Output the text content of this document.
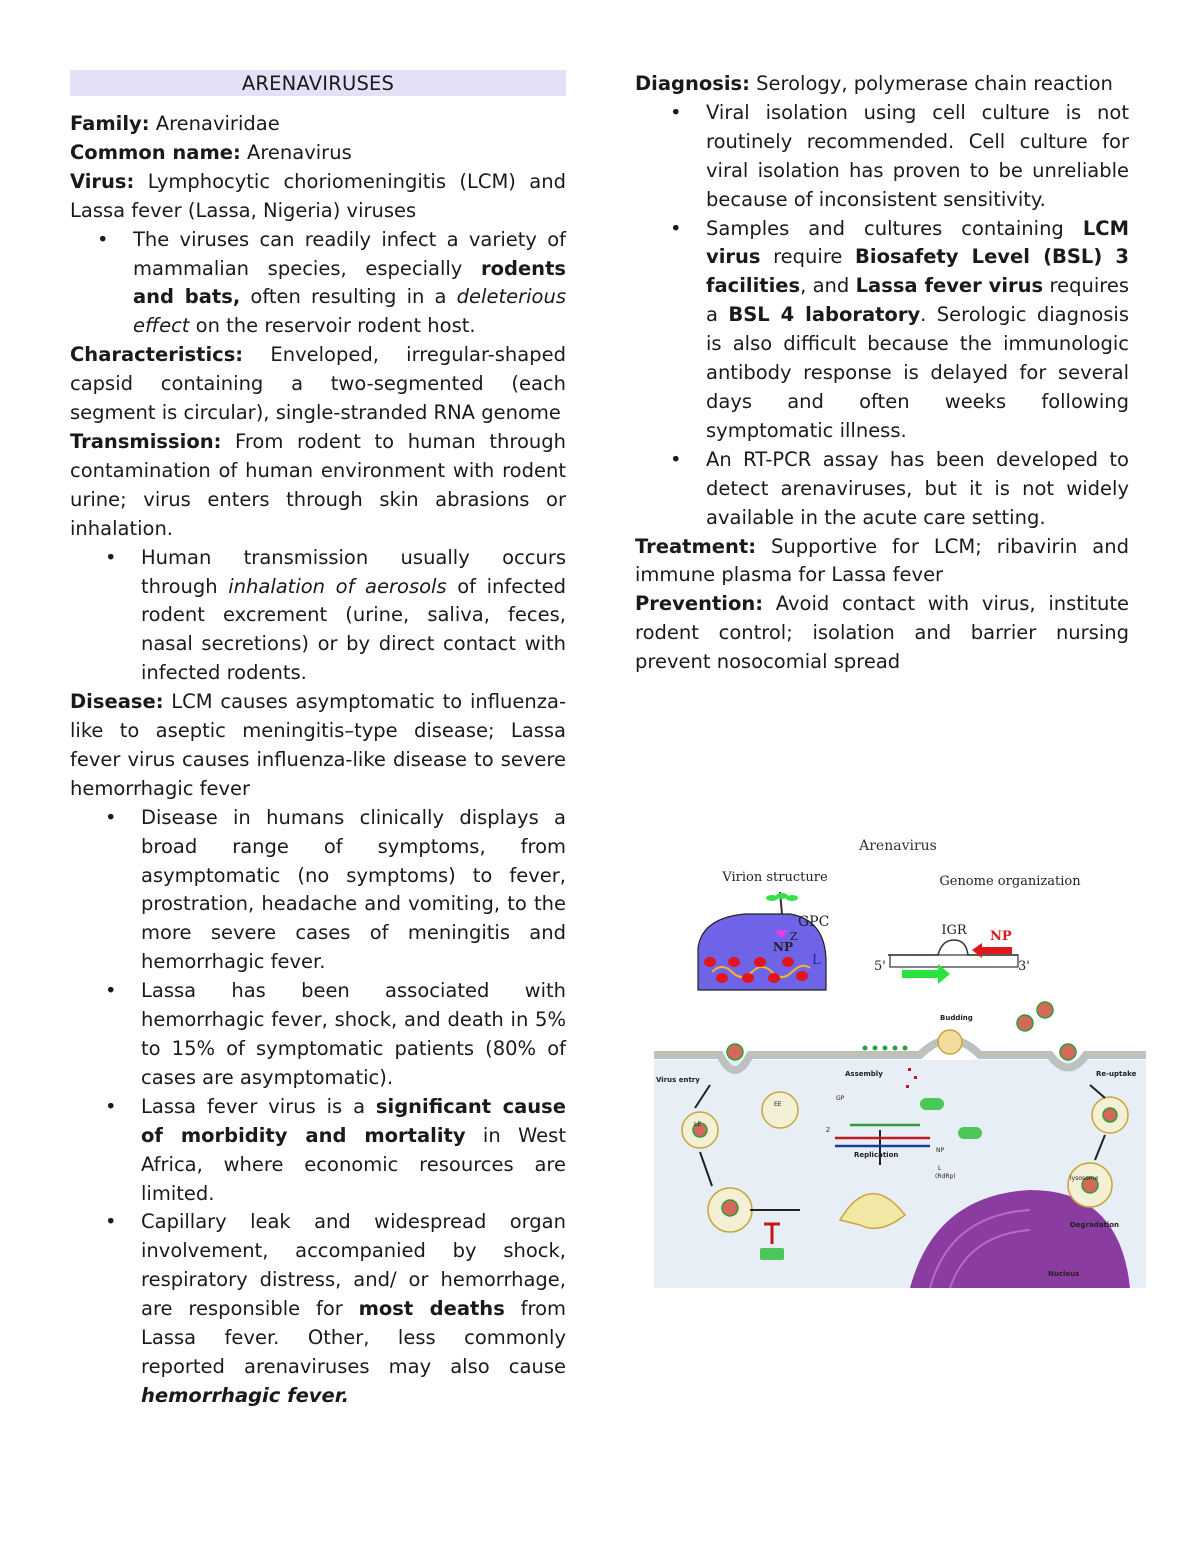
ARENAVIRUSES

Family: Arenaviridae

Common name: Arenavirus

Virus: Lymphocytic choriomeningitis (LCM) and Lassa fever (Lassa, Nigeria) viruses

• The viruses can readily infect a variety of mammalian species, especially rodents and bats, often resulting in a deleterious effect on the reservoir rodent host.

Characteristics: Enveloped, irregular-shaped capsid containing a two-segmented (each segment is circular), single-stranded RNA genome

Transmission: From rodent to human through contamination of human environment with rodent urine; virus enters through skin abrasions or inhalation.

• Human transmission usually occurs through inhalation of aerosols of infected rodent excrement (urine, saliva, feces, nasal secretions) or by direct contact with infected rodents.

Disease: LCM causes asymptomatic to influenza-like to aseptic meningitis–type disease; Lassa fever virus causes influenza-like disease to severe hemorrhagic fever

• Disease in humans clinically displays a broad range of symptoms, from asymptomatic (no symptoms) to fever, prostration, headache and vomiting, to the more severe cases of meningitis and hemorrhagic fever.
• Lassa has been associated with hemorrhagic fever, shock, and death in 5% to 15% of symptomatic patients (80% of cases are asymptomatic).
• Lassa fever virus is a significant cause of morbidity and mortality in West Africa, where economic resources are limited.
• Capillary leak and widespread organ involvement, accompanied by shock, respiratory distress, and/ or hemorrhage, are responsible for most deaths from Lassa fever. Other, less commonly reported arenaviruses may also cause hemorrhagic fever.

Diagnosis: Serology, polymerase chain reaction

• Viral isolation using cell culture is not routinely recommended. Cell culture for viral isolation has proven to be unreliable because of inconsistent sensitivity.
• Samples and cultures containing LCM virus require Biosafety Level (BSL) 3 facilities, and Lassa fever virus requires a BSL 4 laboratory. Serologic diagnosis is also difficult because the immunologic antibody response is delayed for several days and often weeks following symptomatic illness.
• An RT-PCR assay has been developed to detect arenaviruses, but it is not widely available in the acute care setting.

Treatment: Supportive for LCM; ribavirin and immune plasma for Lassa fever

Prevention: Avoid contact with virus, institute rodent control; isolation and barrier nursing prevent nosocomial spread

Arenavirus
Virion structure
GPC
Z
NP
L
Genome organization
5'	3'
IGR NP
Nucleus
Budding
Assembly
Virus entry
Re-uptake
Replication
Degradation
lysosome
EE
LE
GP
Z
NP
L
(RdRp)
